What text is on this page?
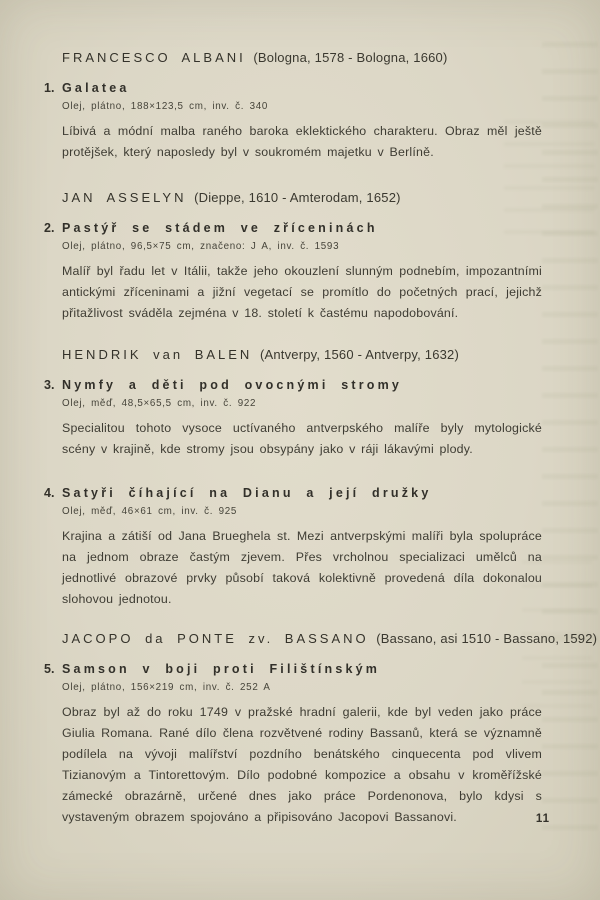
FRANCESCO ALBANI (Bologna, 1578 - Bologna, 1660)
1. Galatea
Olej, plátno, 188×123,5 cm, inv. č. 340

Líbivá a módní malba raného baroka eklektického charakteru. Obraz měl ještě protějšek, který naposledy byl v soukromém majetku v Berlíně.

JAN ASSELYN (Dieppe, 1610 - Amterodam, 1652)
2. Pastýř se stádem ve zříceninách
Olej, plátno, 96,5×75 cm, značeno: J A, inv. č. 1593

Malíř byl řadu let v Itálii, takže jeho okouzlení slunným podnebím, impozantními antickými zříceninami a jižní vegetací se promítlo do početných prací, jejichž přitažlivost sváděla zejména v 18. století k častému napodobování.

HENDRIK van BALEN (Antverpy, 1560 - Antverpy, 1632)
3. Nymfy a děti pod ovocnými stromy
Olej, měď, 48,5×65,5 cm, inv. č. 922

Specialitou tohoto vysoce uctívaného antverpského malíře byly mytologické scény v krajině, kde stromy jsou obsypány jako v ráji lákavými plody.

4. Satyři číhající na Dianu a její družky
Olej, měď, 46×61 cm, inv. č. 925

Krajina a zátiší od Jana Brueghela st. Mezi antverpskými malíři byla spolupráce na jednom obraze častým zjevem. Přes vrcholnou specializaci umělců na jednotlivé obrazové prvky působí taková kolektivně provedená díla dokonalou slohovou jednotou.

JACOPO da PONTE zv. BASSANO (Bassano, asi 1510 - Bassano, 1592)
5. Samson v boji proti Filištínským
Olej, plátno, 156×219 cm, inv. č. 252 A

Obraz byl až do roku 1749 v pražské hradní galerii, kde byl veden jako práce Giulia Romana. Rané dílo člena rozvětvené rodiny Bassanů, která se významně podílela na vývoji malířství pozdního benátského cinquecenta pod vlivem Tizianovým a Tintorettovým. Dílo podobné kompozice a obsahu v kroměřížské zámecké obrazárně, určené dnes jako práce Pordenonova, bylo kdysi s vystaveným obrazem spojováno a připisováno Jacopovi Bassanovi.	11
